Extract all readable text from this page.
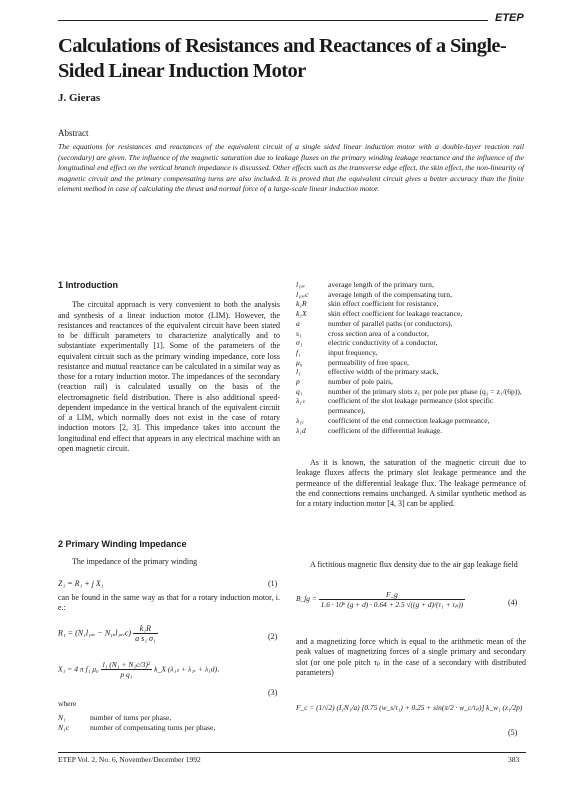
ETEP
Calculations of Resistances and Reactances of a Single-Sided Linear Induction Motor
J. Gieras
Abstract
The equations for resistances and reactances of the equivalent circuit of a single sided linear induction motor with a double-layer reaction rail (secondary) are given. The influence of the magnetic saturation due to leakage fluxes on the primary winding leakage reactance and the influence of the longitudinal end effect on the vertical branch impedance is discussed. Other effects such as the transverse edge effect, the skin effect, the non-linearity of magnetic circuit and the primary compensating turns are also included. It is proved that the equivalent circuit gives a better accuracy than the finite element method in case of calculating the thrust and normal force of a large-scale linear induction motor.
1 Introduction
The circuital approach is very convenient to both the analysis and synthesis of a linear induction motor (LIM). However, the resistances and reactances of the equivalent circuit have been stated to be difficult parameters to characterize analytically and to substantiate experimentally [1]. Some of the parameters of the equivalent circuit such as the primary winding impedance, core loss resistance and mutual reactance can be calculated in a similar way as those for a rotary induction motor. The impedances of the secondary (reaction rail) is calculated usually on the basis of the electromagnetic field distribution. There is also additional speed-dependent impedance in the vertical branch of the equivalent circuit of a LIM, which normally does not exist in the case of rotary induction motors [2, 3]. This impedance takes into account the longitudinal end effect that appears in any electrical machine with an open magnetic circuit.
2 Primary Winding Impedance
The impedance of the primary winding
Z₁ = R₁ + j X₁	(1)
can be found in the same way as that for a rotary induction motor, i. e.:
R₁ = (N₁l₁ₐᵥ − N₁ₐl₁ₐᵥc) $\frac{\text{k₁R}}{\text{a s₁ σ₁}}$	(2)
X₁ = 4 π f₁ $\mu_0 \frac{\text{l₁ (N₁ + N₁c/3)²}}{\text{p q₁}}$ k_X (λ₁ₛ + λ₁ₑ + λ₁d),
(3)
where
N₁	number of turns per phase,
N₁c	number of compensating turns per phase,
l₁ₐᵥ	average length of the primary turn,
l₁ₐᵥc	average length of the compensating turn,
k₁R	skin effect coefficient for resistance,
k₁X	skin effect coefficient for leakage reactance,
a	number of parallel paths (or conductors),
s₁	cross section area of a conductor,
σ₁	electric conductivity of a conductor,
f₁	input frequency,
μ₀	permeability of free space,
l₁	effective width of the primary stack,
p	number of pole pairs,
q₁	number of the primary slots z₁ per pole per phase (q₁ = z₁/(6p)),
λ₁ₛ	coefficient of the slot leakage permeance (slot specific permeance),
λ₁ₑ	coefficient of the end connection leakage permeance,
λ₁d	coefficient of the differential leakage.
As it is known, the saturation of the magnetic circuit due to leakage fluxes affects the primary slot leakage permeance and the permeance of the differential leakage flux. The leakage permeance of the end connections remains unchanged. A similar synthetic method as for a rotary induction motor [4, 3] can be applied.
A fictitious magnetic flux density due to the air gap leakage field
B_fg = $\frac{F\_g}{\text{1.6 · 10⁶ (g + d) · 0.64 + 2.5 √((g + d)/(τ₁ + τₚ))}}$	(4)
and a magnetizing force which is equal to the arithmetic mean of the peak values of magnetizing forces of a single primary and secondary slot (or one pole pitch τₚ in the case of a secondary with distributed parameters)
F_c = (1/√2) (I₁N₁/a) [0.75 (w_s/τ₁) + 0.25 + sin(π/2 · w_c/τₚ)] k_w₁ (z₁/2p)
(5)
ETEP Vol. 2, No. 6, November/December 1992	383
